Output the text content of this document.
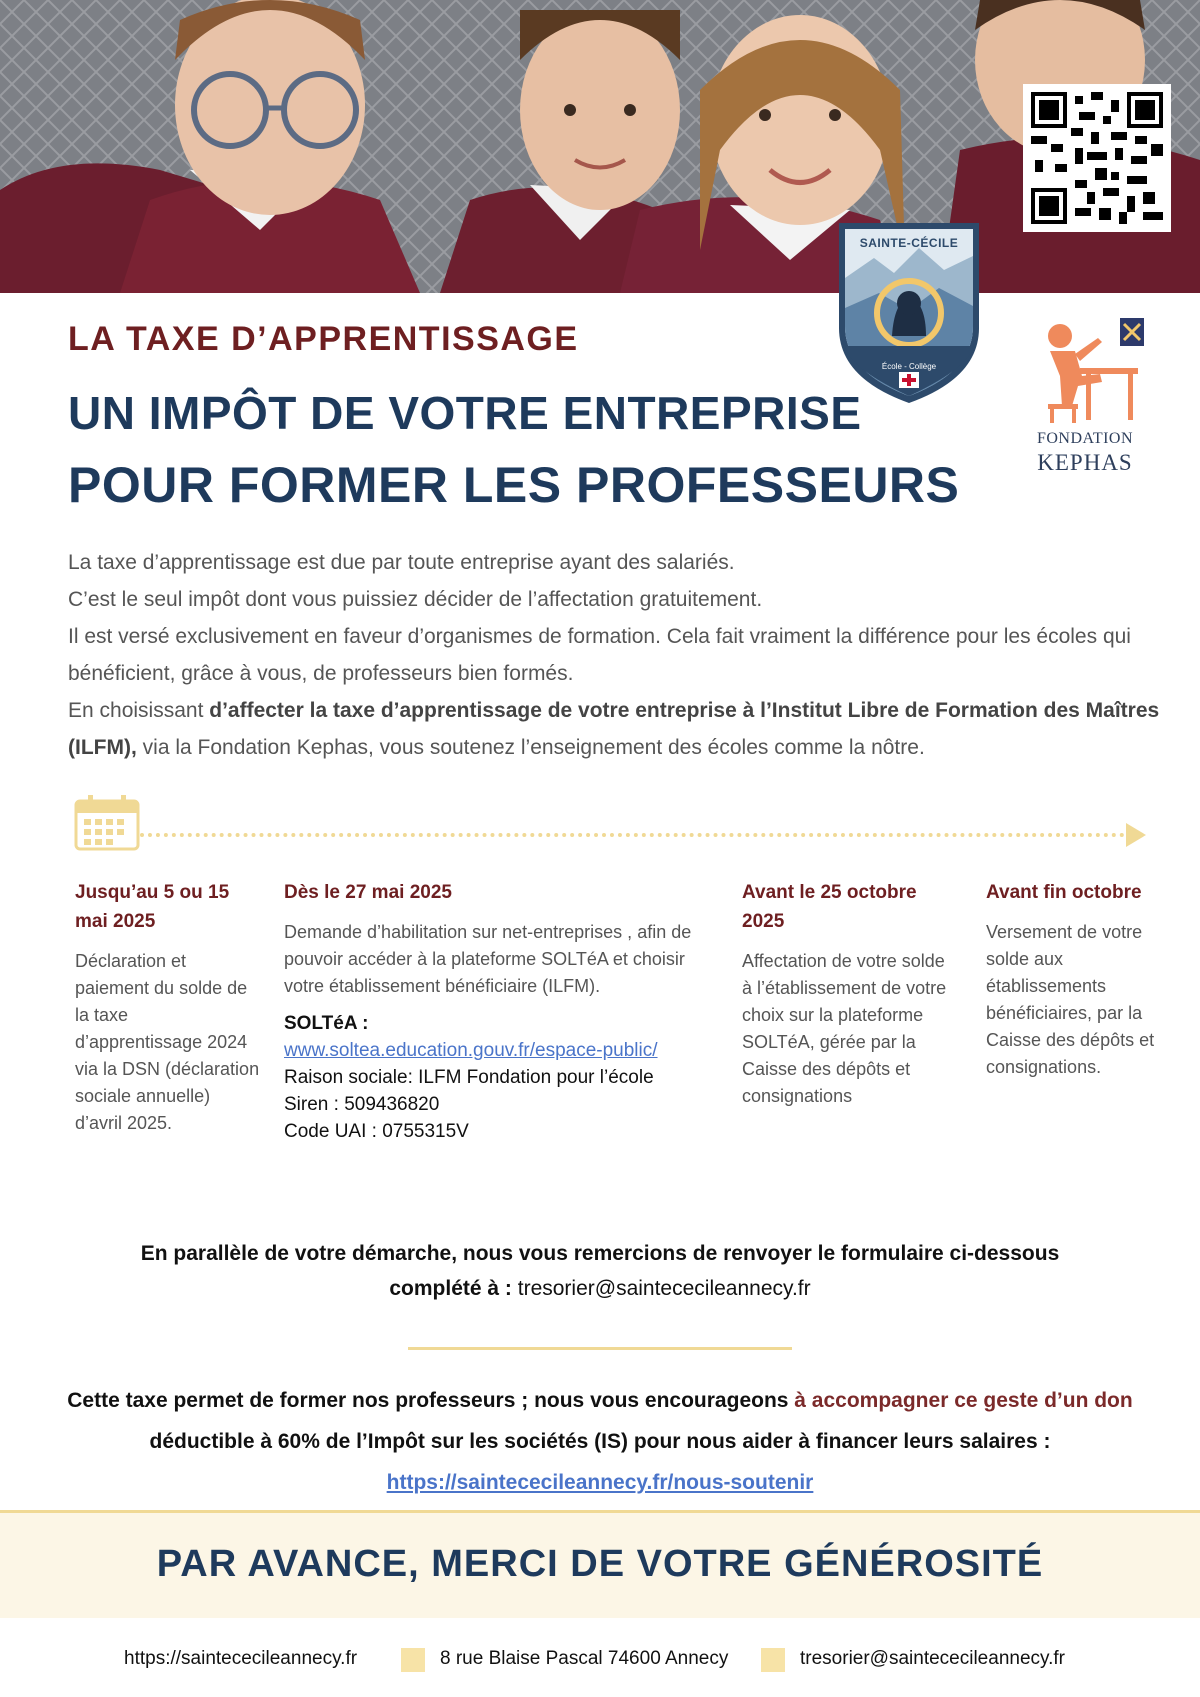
SAINTE-CÉCILE
École - Collège
FONDATION
KEPHAS
LA TAXE D’APPRENTISSAGE
UN IMPÔT DE VOTRE ENTREPRISE
POUR FORMER LES PROFESSEURS

La taxe d’apprentissage est due par toute entreprise ayant des salariés.

C’est le seul impôt dont vous puissiez décider de l’affectation gratuitement.

Il est versé exclusivement en faveur d’organismes de formation. Cela fait vraiment la différence pour les écoles qui bénéficient, grâce à vous, de professeurs bien formés.

En choisissant d’affecter la taxe d’apprentissage de votre entreprise à l’Institut Libre de Formation des Maîtres (ILFM), via la Fondation Kephas, vous soutenez l’enseignement des écoles comme la nôtre.

Jusqu’au 5 ou 15 mai 2025
Déclaration et paiement du solde de la taxe d’apprentissage 2024 via la DSN (déclaration sociale annuelle) d’avril 2025.
Dès le 27 mai 2025
Demande d’habilitation sur net-entreprises , afin de pouvoir accéder à la plateforme SOLTéA et choisir votre établissement bénéficiaire (ILFM).
SOLTéA :
www.soltea.education.gouv.fr/espace-public/
Raison sociale: ILFM Fondation pour l’école
Siren : 509436820
Code UAI : 0755315V
Avant le 25 octobre 2025
Affectation de votre solde à l’établissement de votre choix sur la plateforme SOLTéA, gérée par la Caisse des dépôts et consignations
Avant fin octobre
Versement de votre solde aux établissements bénéficiaires, par la Caisse des dépôts et consignations.
En parallèle de votre démarche, nous vous remercions de renvoyer le formulaire ci-dessous
complété à : tresorier@saintececileannecy.fr
Cette taxe permet de former nos professeurs ; nous vous encourageons à accompagner ce geste d’un don déductible à 60% de l’Impôt sur les sociétés (IS) pour nous aider à financer leurs salaires : https://saintececileannecy.fr/nous-soutenir
PAR AVANCE, MERCI DE VOTRE GÉNÉROSITÉ
https://saintececileannecy.fr	8 rue Blaise Pascal 74600 Annecy	tresorier@saintececileannecy.fr
